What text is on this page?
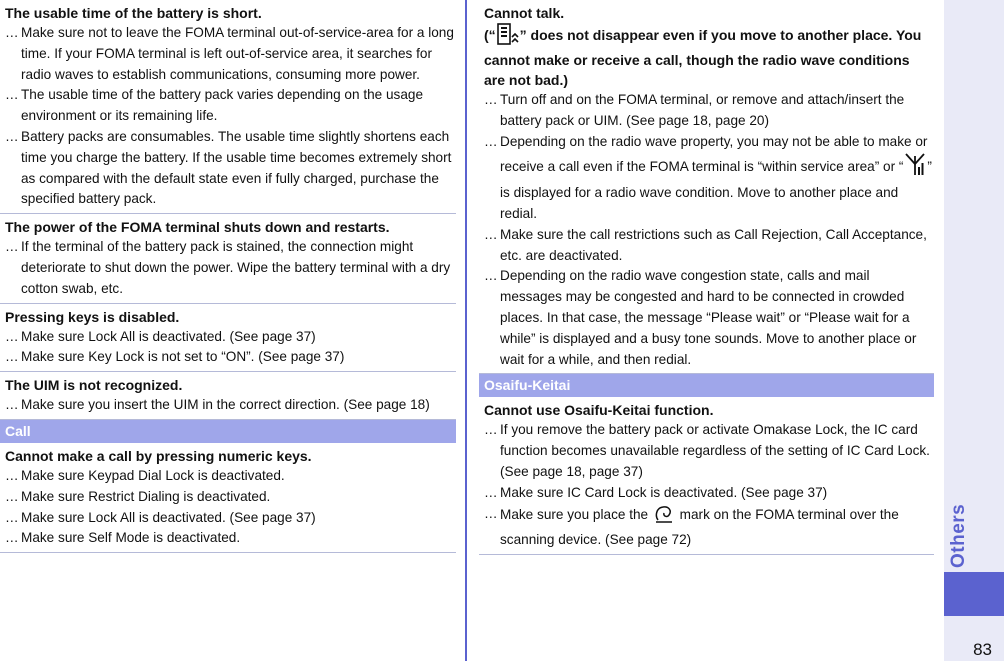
The usable time of the battery is short.
… Make sure not to leave the FOMA terminal out-of-service-area for a long time. If your FOMA terminal is left out-of-service area, it searches for radio waves to establish communications, consuming more power.
… The usable time of the battery pack varies depending on the usage environment or its remaining life.
… Battery packs are consumables. The usable time slightly shortens each time you charge the battery. If the usable time becomes extremely short as compared with the default state even if fully charged, purchase the specified battery pack.
The power of the FOMA terminal shuts down and restarts.
… If the terminal of the battery pack is stained, the connection might deteriorate to shut down the power. Wipe the battery terminal with a dry cotton swab, etc.
Pressing keys is disabled.
… Make sure Lock All is deactivated. (See page 37)
… Make sure Key Lock is not set to “ON”. (See page 37)
The UIM is not recognized.
… Make sure you insert the UIM in the correct direction. (See page 18)
Call
Cannot make a call by pressing numeric keys.
… Make sure Keypad Dial Lock is deactivated.
… Make sure Restrict Dialing is deactivated.
… Make sure Lock All is deactivated. (See page 37)
… Make sure Self Mode is deactivated.
Cannot talk.
(“ ” does not disappear even if you move to another place. You cannot make or receive a call, though the radio wave conditions are not bad.)
… Turn off and on the FOMA terminal, or remove and attach/insert the battery pack or UIM. (See page 18, page 20)
… Depending on the radio wave property, you may not be able to make or receive a call even if the FOMA terminal is “within service area” or “ ” is displayed for a radio wave condition. Move to another place and redial.
… Make sure the call restrictions such as Call Rejection, Call Acceptance, etc. are deactivated.
… Depending on the radio wave congestion state, calls and mail messages may be congested and hard to be connected in crowded places. In that case, the message “Please wait” or “Please wait for a while” is displayed and a busy tone sounds. Move to another place or wait for a while, and then redial.
Osaifu-Keitai
Cannot use Osaifu-Keitai function.
… If you remove the battery pack or activate Omakase Lock, the IC card function becomes unavailable regardless of the setting of IC Card Lock. (See page 18, page 37)
… Make sure IC Card Lock is deactivated. (See page 37)
… Make sure you place the mark on the FOMA terminal over the scanning device. (See page 72)	Others
83
